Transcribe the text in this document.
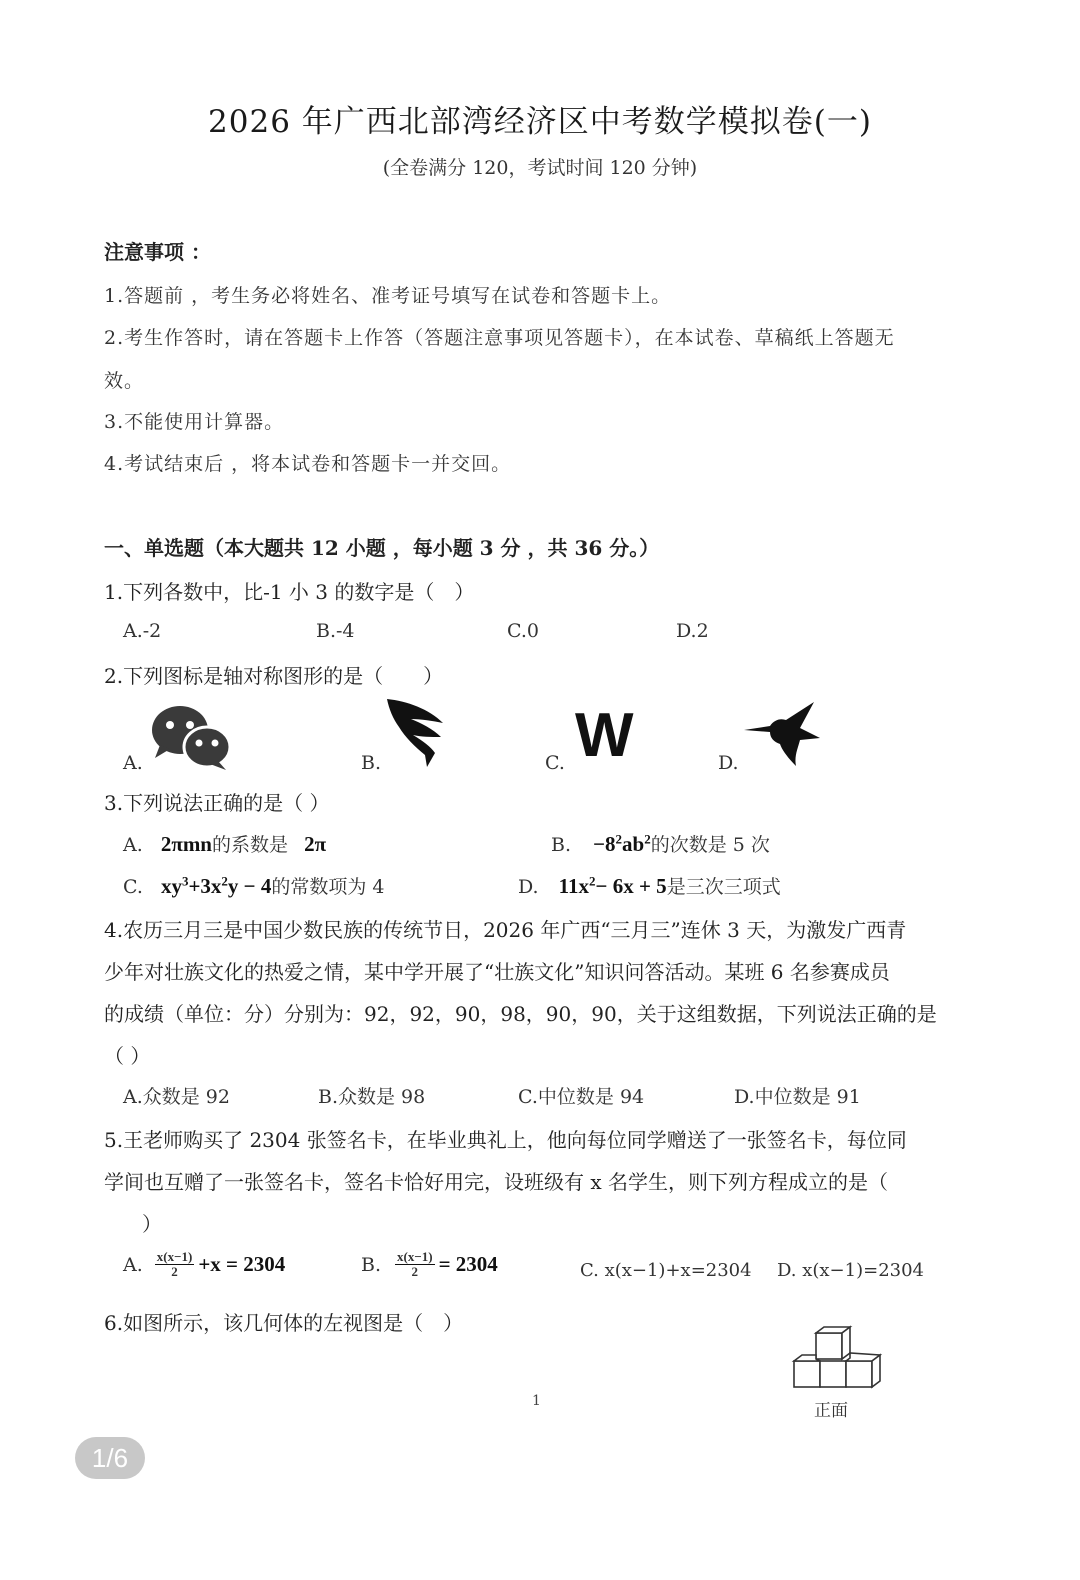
2026 年广西北部湾经济区中考数学模拟卷(一)
(全卷满分 120，考试时间 120 分钟)
注意事项 ：
1.答题前 ，考生务必将姓名、准考证号填写在试卷和答题卡上。
2.考生作答时，请在答题卡上作答（答题注意事项见答题卡），在本试卷、草稿纸上答题无
效。
3.不能使用计算器。
4.考试结束后 ，将本试卷和答题卡一并交回。
一、单选题（本大题共 12 小题 ，每小题 3 分 ，共 36 分。）
1.下列各数中，比-1 小 3 的数字是（　）
A.-2	B.-4	C.0	D.2
2.下列图标是轴对称图形的是（　　）
A.	B.	C.	D.
W
3.下列说法正确的是（ ）
A. 2πmn的系数是 2π	B. $-8^2ab^2$的次数是 5 次
C. $xy^3+3x^2y - 4$的常数项为 4	D. $11x^2- 6x + 5$是三次三项式
4.农历三月三是中国少数民族的传统节日，2026 年广西“三月三”连休 3 天，为激发广西青
少年对壮族文化的热爱之情，某中学开展了“壮族文化”知识问答活动。某班 6 名参赛成员
的成绩（单位：分）分别为：92，92，90，98，90，90，关于这组数据，下列说法正确的是
（ ）
A.众数是 92	B.众数是 98	C.中位数是 94	D.中位数是 91
5.王老师购买了 2304 张签名卡，在毕业典礼上，他向每位同学赠送了一张签名卡，每位同
学间也互赠了一张签名卡，签名卡恰好用完，设班级有 x 名学生，则下列方程成立的是（
）
A. $\frac{x(x-1)}{2} +x = 2304$	B. $\frac{x(x-1)}{2} = 2304$	C. x(x−1)+x=2304 D. x(x−1)=2304
6.如图所示，该几何体的左视图是（　）
正面
1
1/6
